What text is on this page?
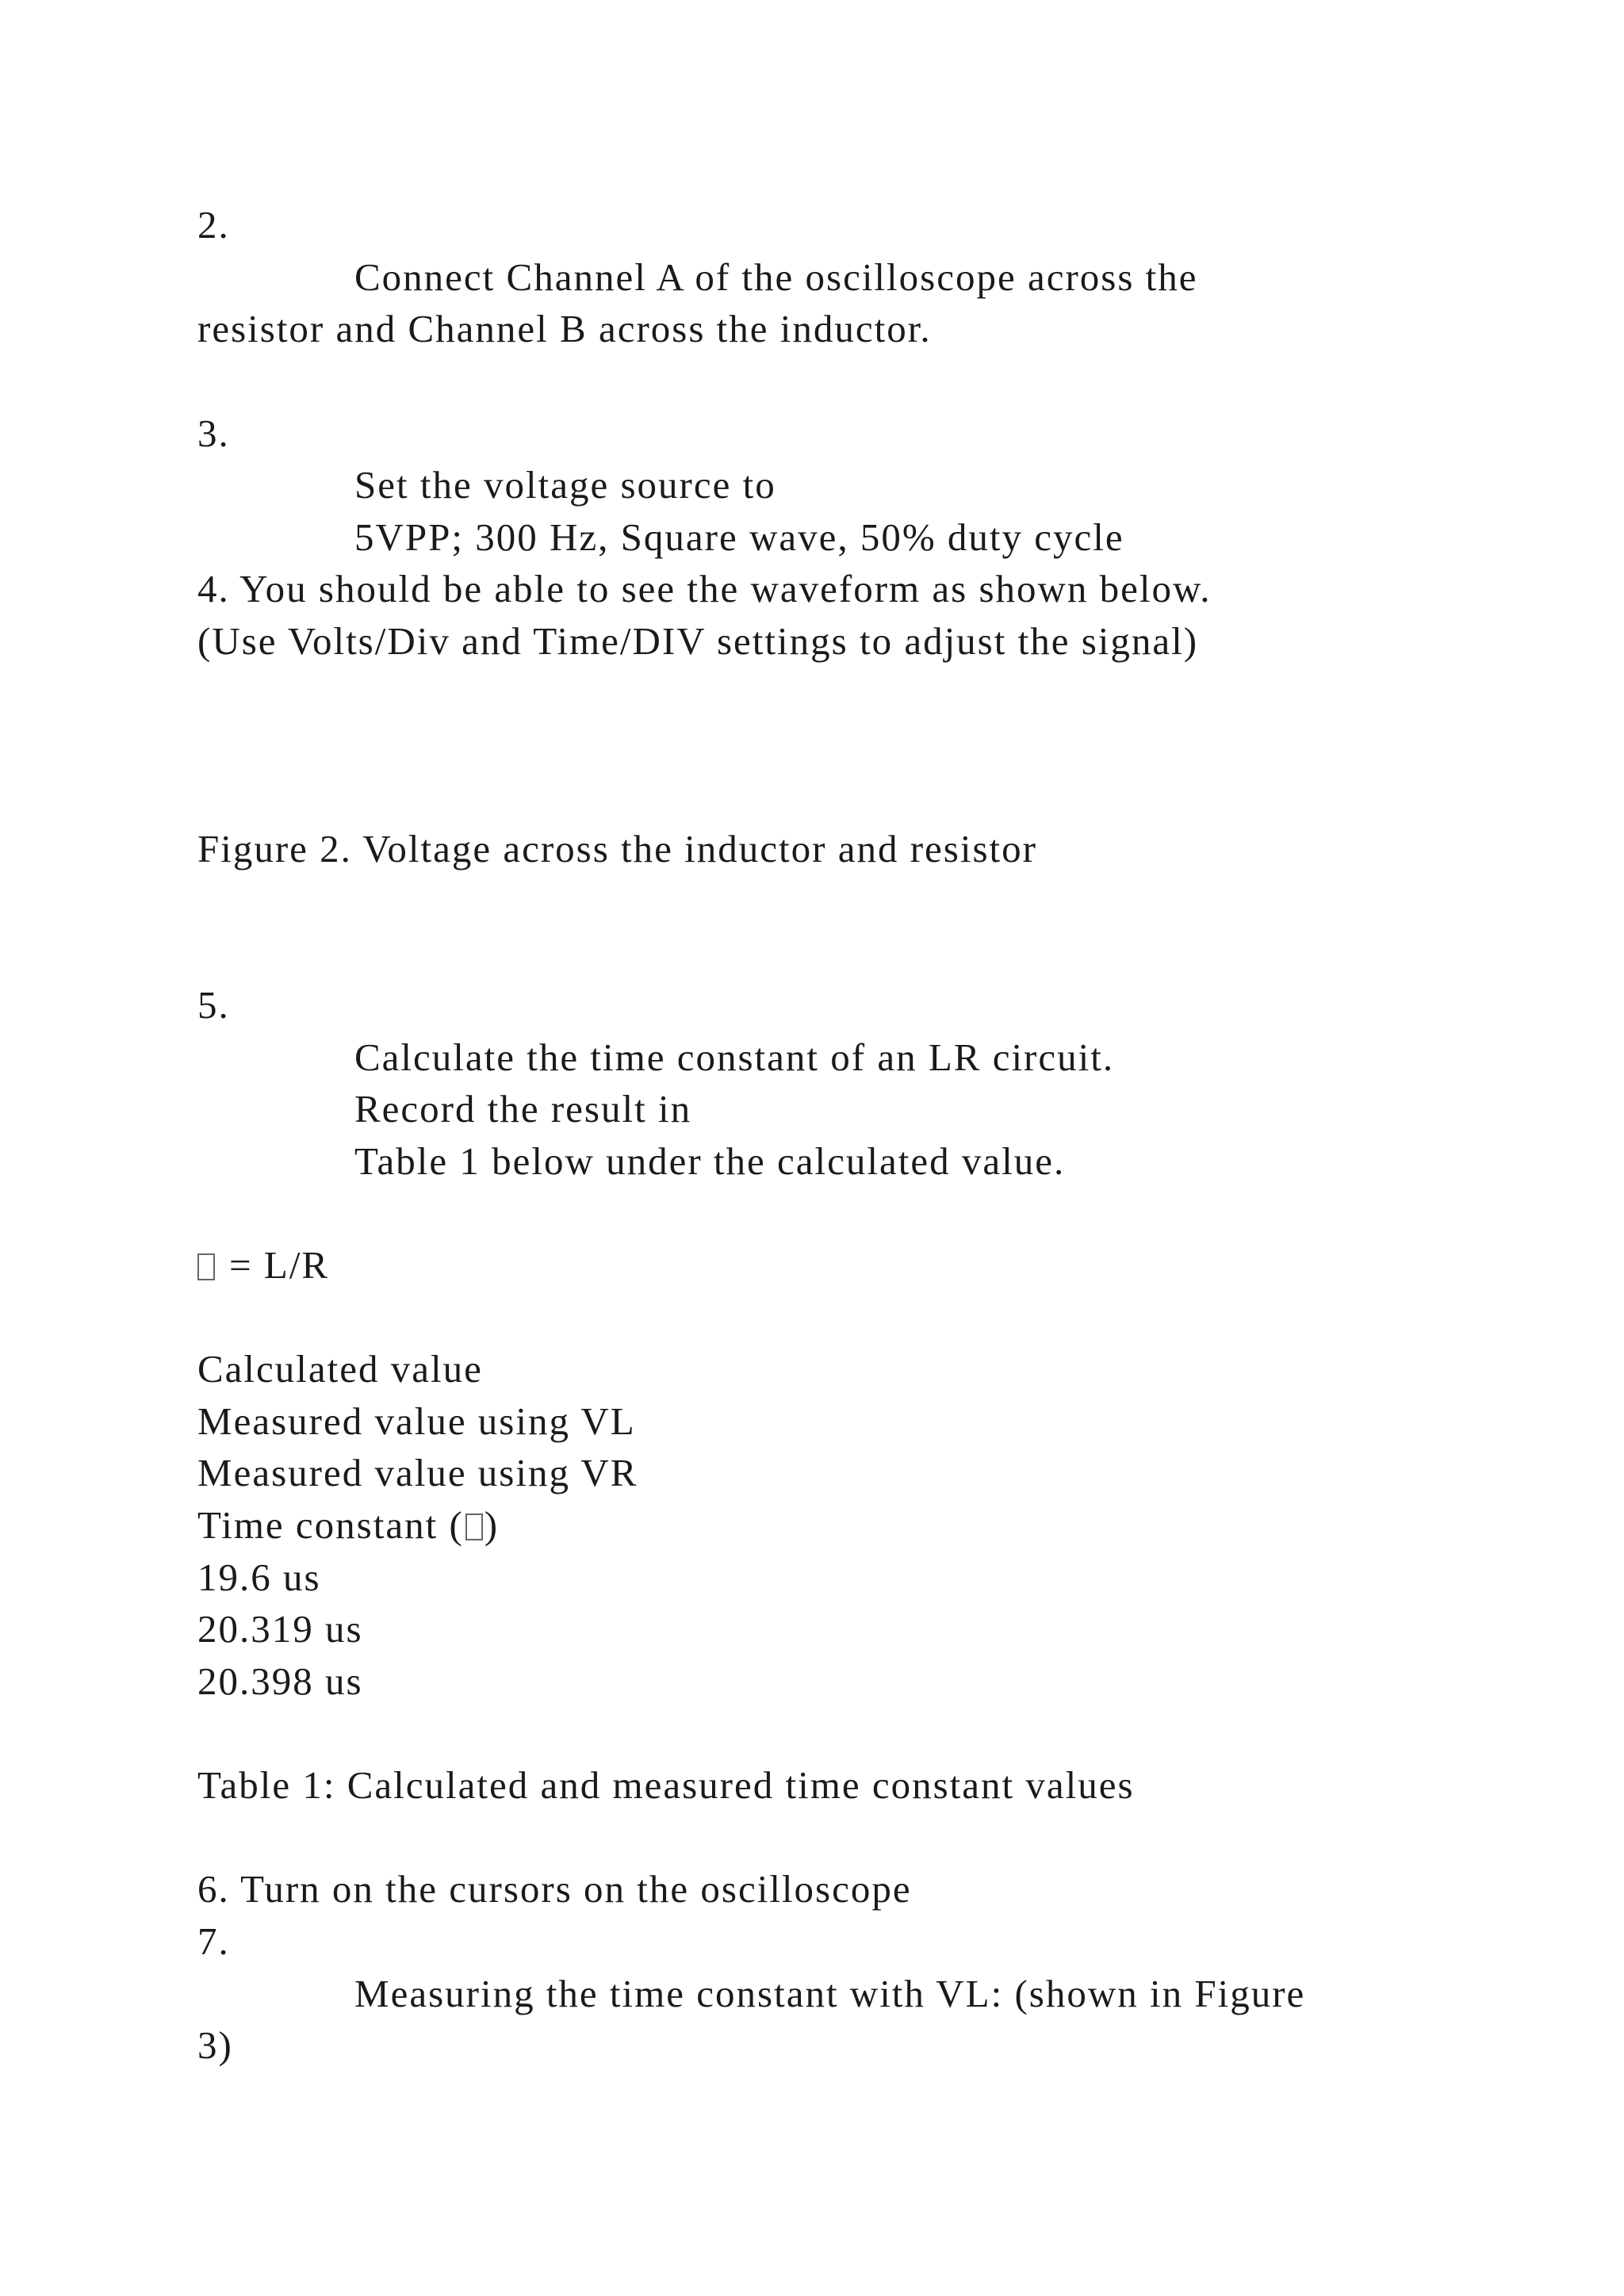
2.
Connect Channel A of the oscilloscope across the
resistor and Channel B across the inductor.
3.
Set the voltage source to
5VPP; 300 Hz, Square wave, 50% duty cycle
4. You should be able to see the waveform as shown below.
(Use Volts/Div and Time/DIV settings to adjust the signal)
Figure 2. Voltage across the inductor and resistor
5.
Calculate the time constant of an LR circuit.
Record the result in
Table 1 below under the calculated value.
= L/R
Calculated value
Measured value using VL
Measured value using VR
Time constant ( )
19.6 us
20.319 us
20.398 us
Table 1: Calculated and measured time constant values
6. Turn on the cursors on the oscilloscope
7.
Measuring the time constant with VL: (shown in Figure
3)
